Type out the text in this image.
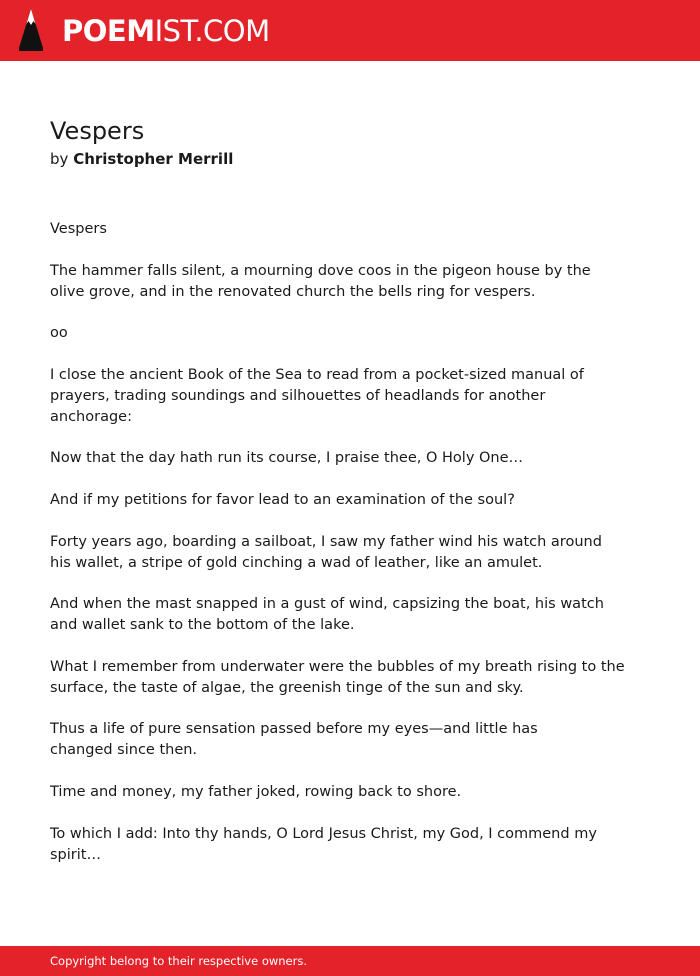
POEMIST.COM
Vespers
by Christopher Merrill

Vespers

The hammer falls silent, a mourning dove coos in the pigeon house by the
olive grove, and in the renovated church the bells ring for vespers.

oo

I close the ancient Book of the Sea to read from a pocket-sized manual of
prayers, trading soundings and silhouettes of headlands for another
anchorage:

Now that the day hath run its course, I praise thee, O Holy One…

And if my petitions for favor lead to an examination of the soul?

Forty years ago, boarding a sailboat, I saw my father wind his watch around
his wallet, a stripe of gold cinching a wad of leather, like an amulet.

And when the mast snapped in a gust of wind, capsizing the boat, his watch
and wallet sank to the bottom of the lake.

What I remember from underwater were the bubbles of my breath rising to the
surface, the taste of algae, the greenish tinge of the sun and sky.

Thus a life of pure sensation passed before my eyes—and little has
changed since then.

Time and money, my father joked, rowing back to shore.

To which I add: Into thy hands, O Lord Jesus Christ, my God, I commend my
spirit…

Copyright belong to their respective owners.
